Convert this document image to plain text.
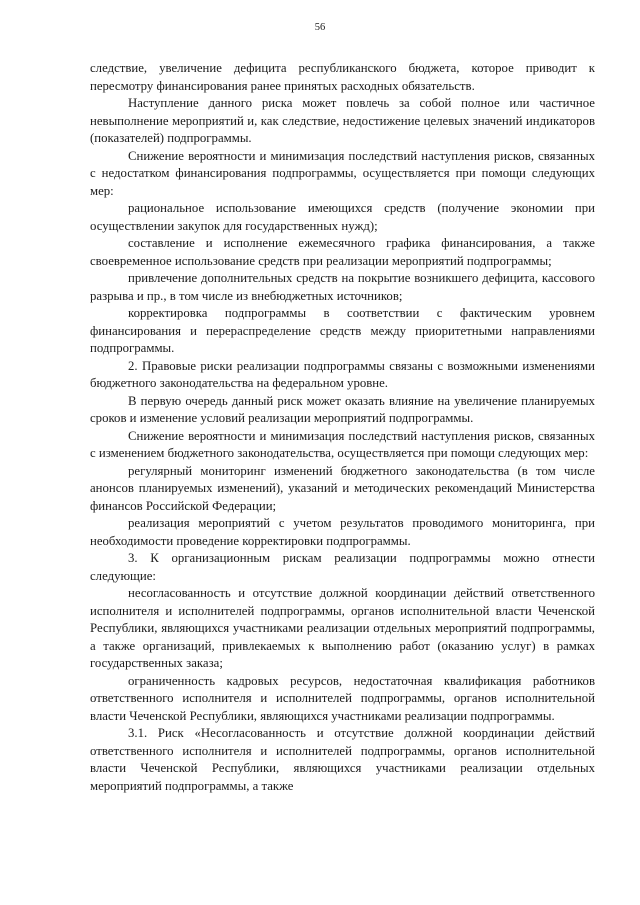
56

следствие, увеличение дефицита республиканского бюджета, которое приводит к пересмотру финансирования ранее принятых расходных обязательств.

Наступление данного риска может повлечь за собой полное или частичное невыполнение мероприятий и, как следствие, недостижение целевых значений индикаторов (показателей) подпрограммы.

Снижение вероятности и минимизация последствий наступления рисков, связанных с недостатком финансирования подпрограммы, осуществляется при помощи следующих мер:

рациональное использование имеющихся средств (получение экономии при осуществлении закупок для государственных нужд);

составление и исполнение ежемесячного графика финансирования, а также своевременное использование средств при реализации мероприятий подпрограммы;

привлечение дополнительных средств на покрытие возникшего дефицита, кассового разрыва и пр., в том числе из внебюджетных источников;

корректировка подпрограммы в соответствии с фактическим уровнем финансирования и перераспределение средств между приоритетными направлениями подпрограммы.

2. Правовые риски реализации подпрограммы связаны с возможными изменениями бюджетного законодательства на федеральном уровне.

В первую очередь данный риск может оказать влияние на увеличение планируемых сроков и изменение условий реализации мероприятий подпрограммы.

Снижение вероятности и минимизация последствий наступления рисков, связанных с изменением бюджетного законодательства, осуществляется при помощи следующих мер:

регулярный мониторинг изменений бюджетного законодательства (в том числе анонсов планируемых изменений), указаний и методических рекомендаций Министерства финансов Российской Федерации;

реализация мероприятий с учетом результатов проводимого мониторинга, при необходимости проведение корректировки подпрограммы.

3. К организационным рискам реализации подпрограммы можно отнести следующие:

несогласованность и отсутствие должной координации действий ответственного исполнителя и исполнителей подпрограммы, органов исполнительной власти Чеченской Республики, являющихся участниками реализации отдельных мероприятий подпрограммы, а также организаций, привлекаемых к выполнению работ (оказанию услуг) в рамках государственных заказа;

ограниченность кадровых ресурсов, недостаточная квалификация работников ответственного исполнителя и исполнителей подпрограммы, органов исполнительной власти Чеченской Республики, являющихся участниками реализации подпрограммы.

3.1. Риск «Несогласованность и отсутствие должной координации действий ответственного исполнителя и исполнителей подпрограммы, органов исполнительной власти Чеченской Республики, являющихся участниками реализации отдельных мероприятий подпрограммы, а также
